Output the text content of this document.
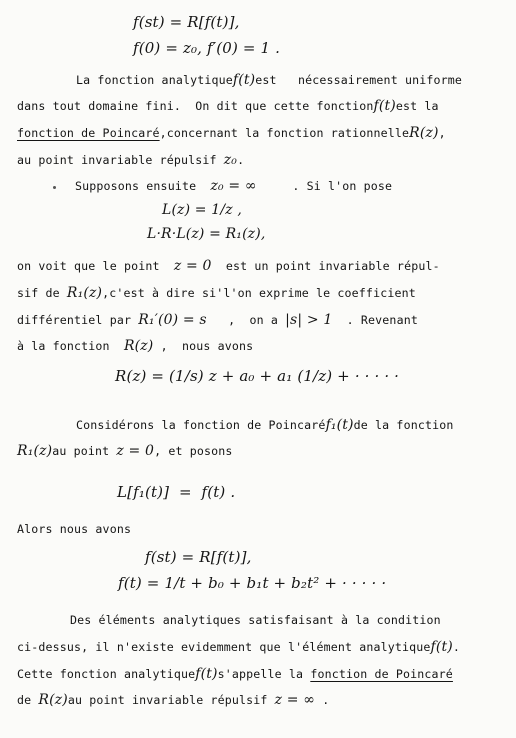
f(st) = R[f(t)],
f(0) = z₀, f′(0) = 1 .
La fonction analytiquef(t)est   nécessairement uniforme
dans tout domaine fini.  On dit que cette fonctionf(t)est la
fonction de Poincaré,concernant la fonction rationnelleR(z),
au point invariable répulsif z₀.
Supposons ensuite z₀ = ∞	. Si l'on pose
L(z) = 1/z ,
L·R·L(z) = R₁(z),
on voit que le point z = 0 est un point invariable répul-
sif de R₁(z),c'est à dire si'l'on exprime le coefficient
différentiel par R₁′(0) = s ,  on a |s| > 1 . Revenant
à la fonction R(z) ,  nous avons
R(z) = (1/s) z + a₀ + a₁ (1/z) + · · · · ·
Considérons la fonction de Poincaréf₁(t)de la fonction
R₁(z)au point z = 0, et posons
L[f₁(t)]  =  f(t) .
Alors nous avons
f(st) = R[f(t)],
f(t) = 1/t + b₀ + b₁t + b₂t² + · · · · ·
Des éléments analytiques satisfaisant à la condition
ci-dessus, il n'existe evidemment que l'élément analytiquef(t).
Cette fonction analytiquef(t)s'appelle la fonction de Poincaré
de R(z)au point invariable répulsif z = ∞ .
